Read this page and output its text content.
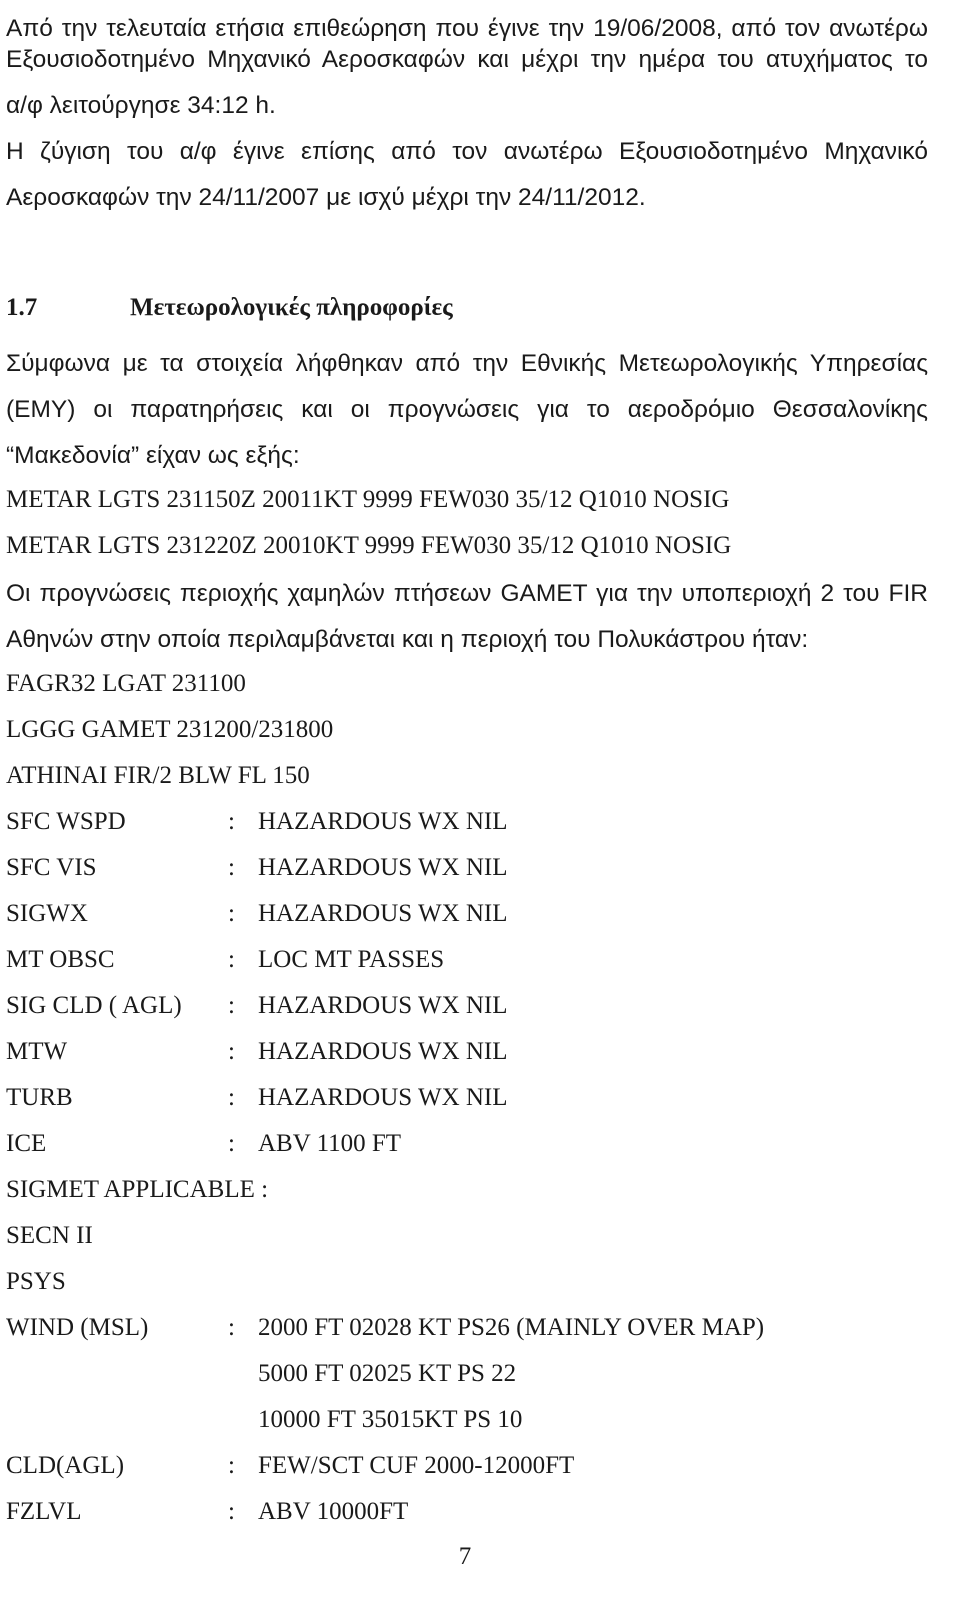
Από την τελευταία ετήσια επιθεώρηση που έγινε την 19/06/2008, από τον ανωτέρω
Εξουσιοδοτημένο Μηχανικό Αεροσκαφών και μέχρι την ημέρα του ατυχήματος το
α/φ λειτούργησε 34:12 h.
Η ζύγιση του α/φ έγινε επίσης από τον ανωτέρω Εξουσιοδοτημένο Μηχανικό
Αεροσκαφών την 24/11/2007 με ισχύ μέχρι την 24/11/2012.
1.7	Μετεωρολογικές πληροφορίες
Σύμφωνα με τα στοιχεία λήφθηκαν από την Εθνικής Μετεωρολογικής Υπηρεσίας
(ΕΜΥ) οι παρατηρήσεις και οι προγνώσεις για το αεροδρόμιο Θεσσαλονίκης
“Μακεδονία” είχαν ως εξής:
METAR LGTS 231150Z 20011KT 9999 FEW030 35/12 Q1010 NOSIG
METAR LGTS 231220Z 20010KT 9999 FEW030 35/12 Q1010 NOSIG
Οι προγνώσεις περιοχής χαμηλών πτήσεων GAMET για την υποπεριοχή 2 του FIR
Αθηνών στην οποία περιλαμβάνεται και η περιοχή του Πολυκάστρου ήταν:
FAGR32 LGAT 231100
LGGG GAMET 231200/231800
ATHINAI FIR/2 BLW FL 150
SFC WSPD	: HAZARDOUS WX NIL
SFC VIS	: HAZARDOUS WX NIL
SIGWX	: HAZARDOUS WX NIL
MT OBSC	: LOC MT PASSES
SIG CLD ( AGL) : HAZARDOUS WX NIL
MTW	: HAZARDOUS WX NIL
TURB	: HAZARDOUS WX NIL
ICE	: ABV 1100 FT
SIGMET APPLICABLE :
SECN II
PSYS
WIND (MSL)	: 2000 FT 02028 KT PS26 (MAINLY OVER MAP)
5000 FT 02025 KT PS 22
10000 FT 35015KT PS 10
CLD(AGL)	: FEW/SCT CUF 2000-12000FT
FZLVL	: ABV 10000FT
7
